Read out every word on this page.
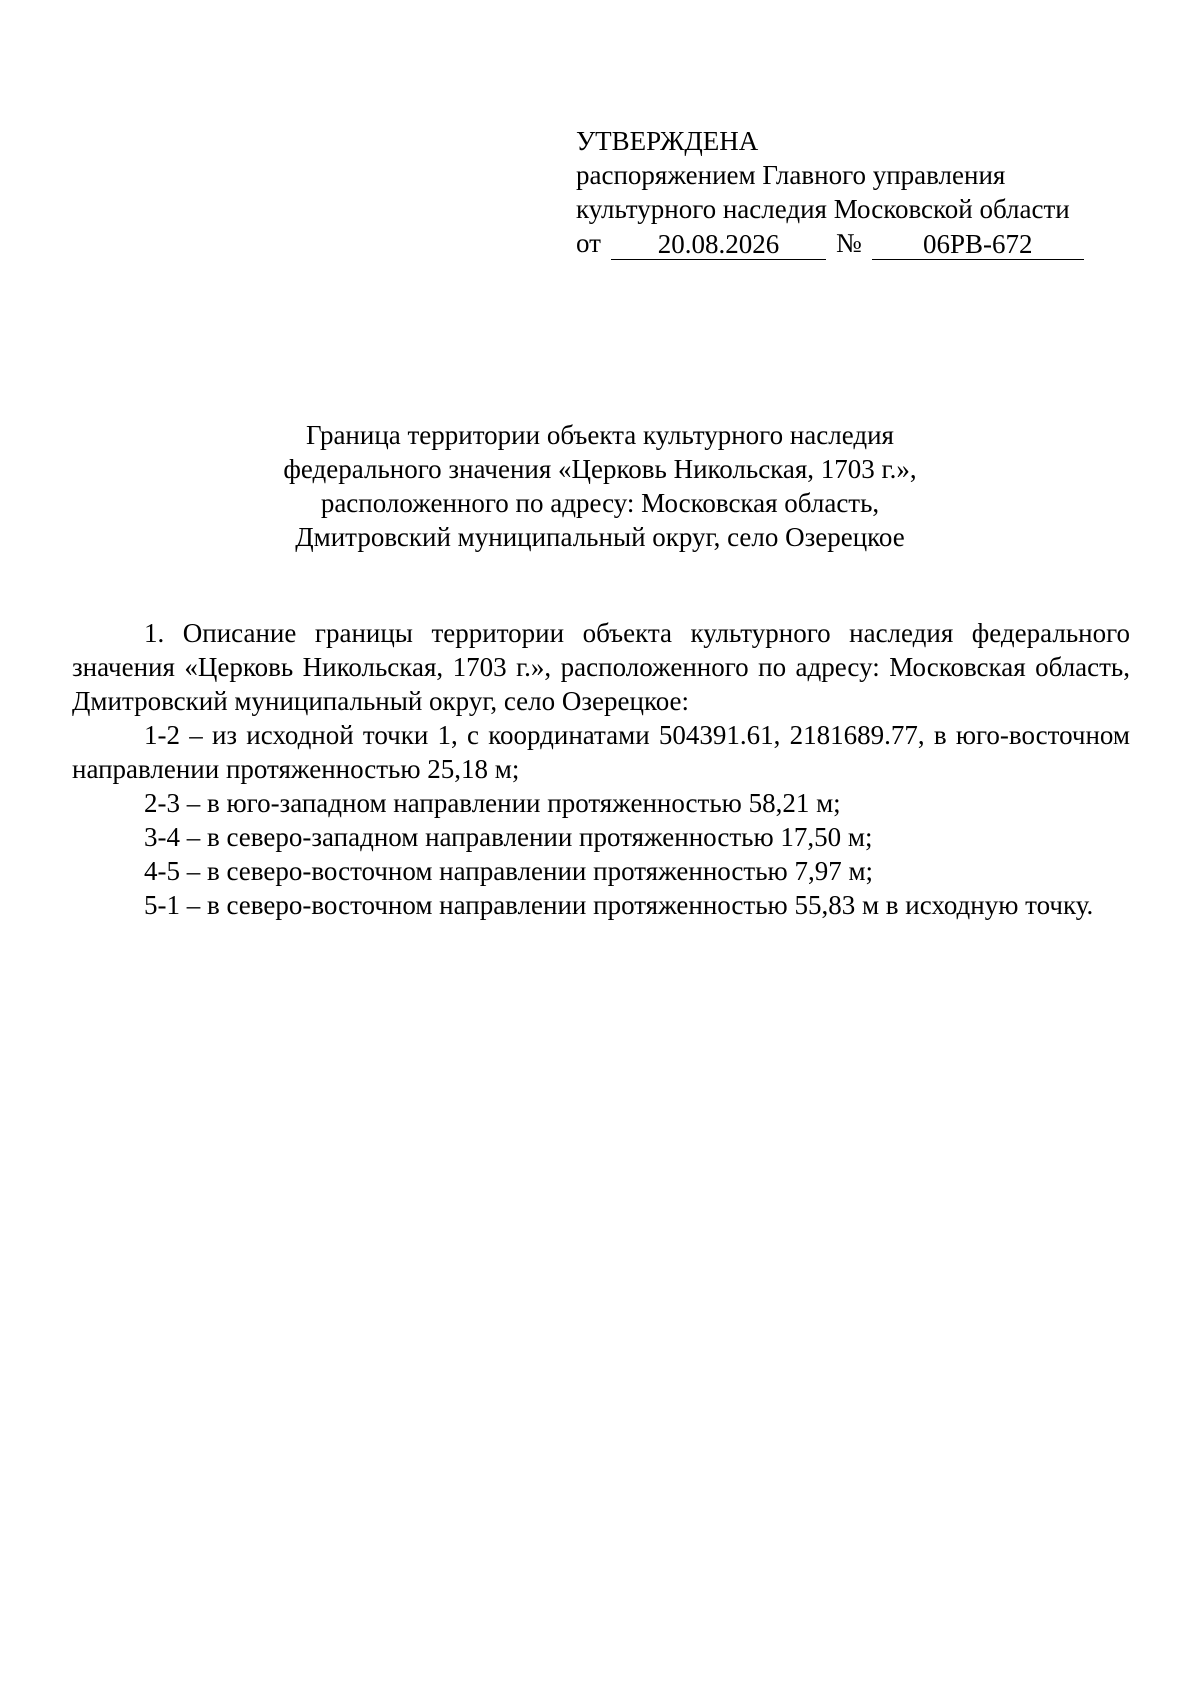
УТВЕРЖДЕНА
распоряжением Главного управления
культурного наследия Московской области
от	20.08.2026	№	06РВ-672
Граница территории объекта культурного наследия
федерального значения «Церковь Никольская, 1703 г.»,
расположенного по адресу: Московская область,
Дмитровский муниципальный округ, село Озерецкое

1. Описание границы территории объекта культурного наследия федерального значения «Церковь Никольская, 1703 г.», расположенного по адресу: Московская область, Дмитровский муниципальный округ, село Озерецкое:

1-2 – из исходной точки 1, с координатами 504391.61, 2181689.77, в юго-восточном направлении протяженностью 25,18 м;

2-3 – в юго-западном направлении протяженностью 58,21 м;

3-4 – в северо-западном направлении протяженностью 17,50 м;

4-5 – в северо-восточном направлении протяженностью 7,97 м;

5-1 – в северо-восточном направлении протяженностью 55,83 м в исходную точку.
